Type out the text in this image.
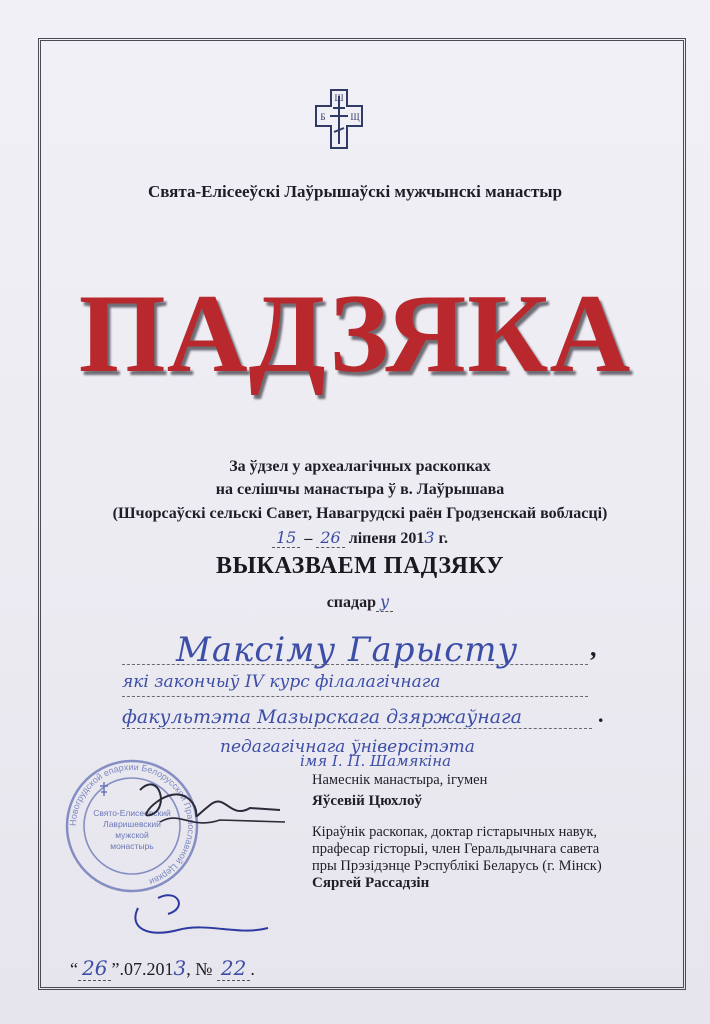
Ш
Б	Щ
Свята-Елісееўскі Лаўрышаўскі мужчынскі манастыр
ПАДЗЯКА
За ўдзел у археалагічных раскопках
на селішчы манастыра ў в. Лаўрышава
(Шчорсаўскі сельскі Савет, Навагрудскі раён Гродзенскай вобласці)
15 – 26 ліпеня 2013 г.
ВЫКАЗВАЕМ ПАДЗЯКУ
спадар у
,
.
Максіму Гарысту
які закончыў IV курс філалагічнага
факультэта Мазырскага дзяржаўнага
педагагічнага ўніверсітэта
імя І. П. Шамякіна
Новогрудской епархии Белорусской Православной Церкви
Свято-Елисеевский
Лавришевский
мужской
монастырь
Намеснік манастыра, ігумен
Яўсевій Цюхлоў
Кіраўнік раскопак, доктар гістарычных навук,
прафесар гісторыі, член Геральдычнага савета
пры Прэзідэнце Рэспублікі Беларусь (г. Мінск)
Сяргей Рассадзін
“ 26 ”.07.2013, № 22 .
